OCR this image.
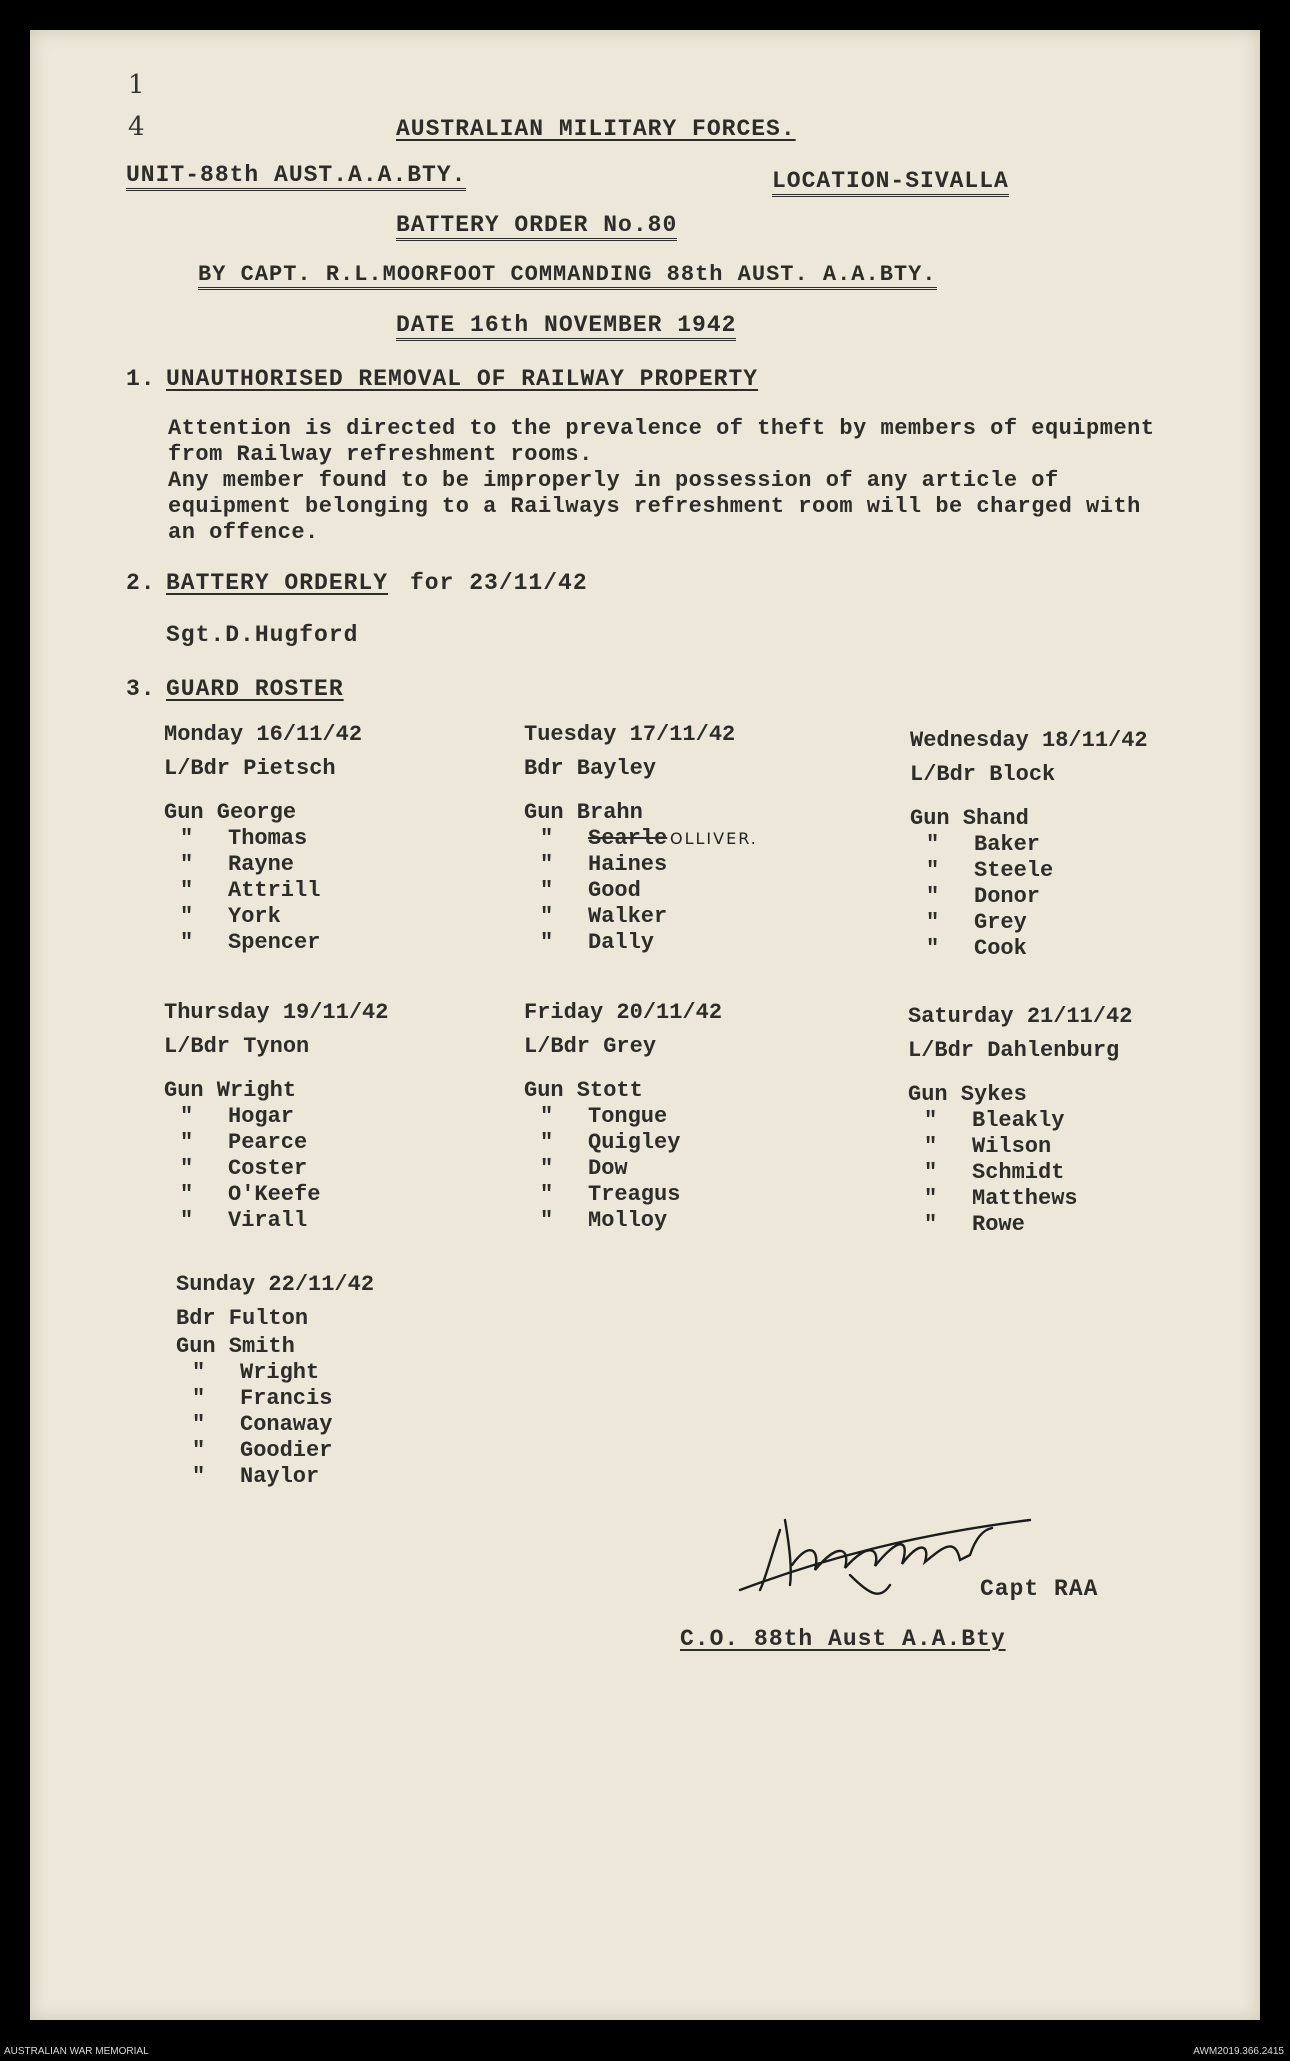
1
4	AUSTRALIAN MILITARY FORCES.
UNIT-88th AUST.A.A.BTY.	LOCATION-SIVALLA
BATTERY ORDER No.80
BY CAPT. R.L.MOORFOOT COMMANDING 88th AUST. A.A.BTY.
DATE 16th NOVEMBER 1942
1. UNAUTHORISED REMOVAL OF RAILWAY PROPERTY
Attention is directed to the prevalence of theft by members of equipment
from Railway refreshment rooms.
Any member found to be improperly in possession of any article of
equipment belonging to a Railways refreshment room will be charged with
an offence.
2. BATTERY ORDERLY for 23/11/42
Sgt.D.Hugford
3. GUARD ROSTER
Monday 16/11/42
L/Bdr Pietsch
Gun George
" Thomas
" Rayne
" Attrill
" York
" Spencer
Tuesday 17/11/42
Bdr Bayley
Gun Brahn
" Searle
" Haines
" Good
" Walker
" Dally
OLLIVER.
Wednesday 18/11/42
L/Bdr Block
Gun Shand
" Baker
" Steele
" Donor
" Grey
" Cook
Thursday 19/11/42
L/Bdr Tynon
Gun Wright
" Hogar
" Pearce
" Coster
" O'Keefe
" Virall
Friday 20/11/42
L/Bdr Grey
Gun Stott
" Tongue
" Quigley
" Dow
" Treagus
" Molloy
Saturday 21/11/42
L/Bdr Dahlenburg
Gun Sykes
" Bleakly
" Wilson
" Schmidt
" Matthews
" Rowe
Sunday 22/11/42
Bdr Fulton
Gun Smith
" Wright
" Francis
" Conaway
" Goodier
" Naylor
Capt RAA
C.O. 88th Aust A.A.Bty
AUSTRALIAN WAR MEMORIAL	AWM2019.366.2415
